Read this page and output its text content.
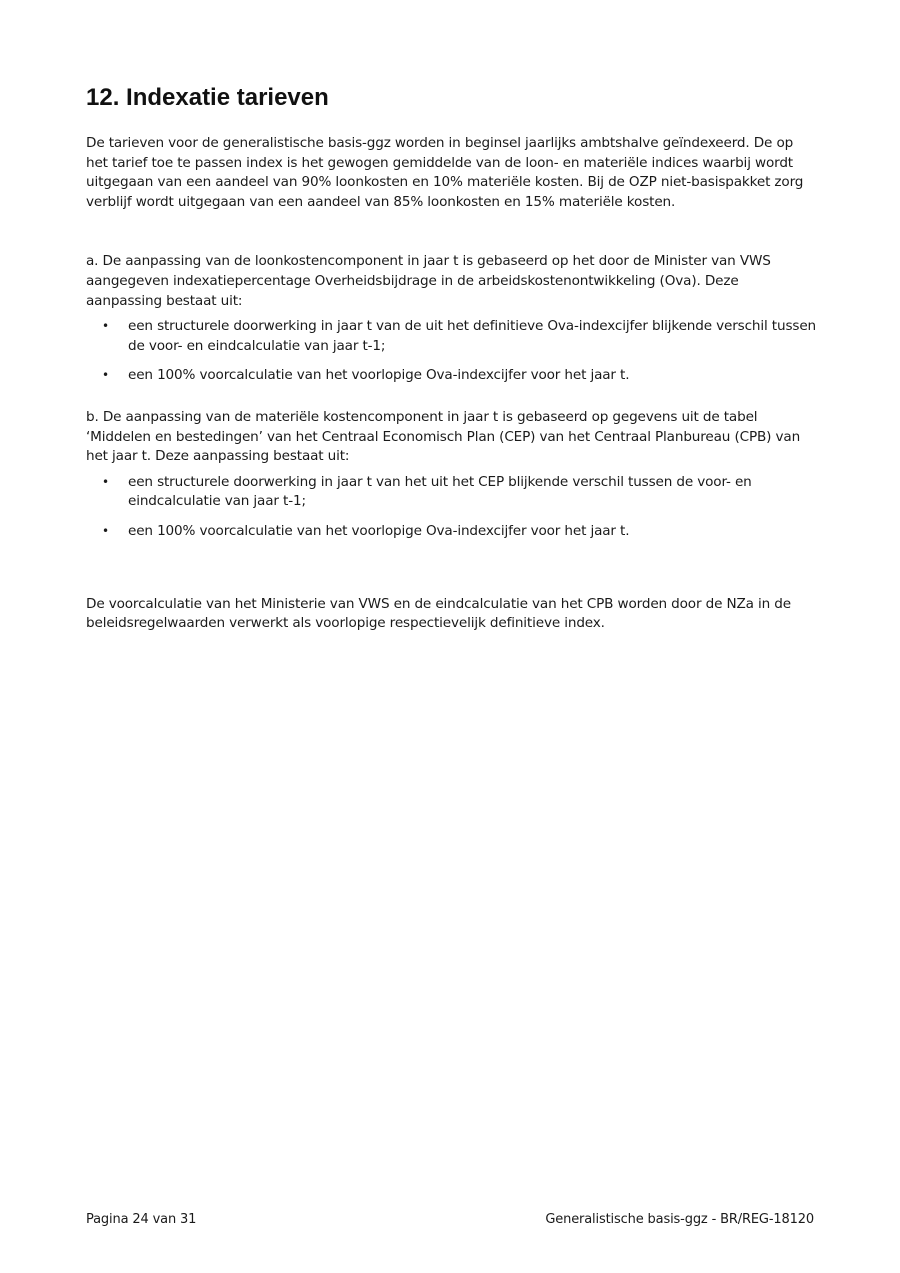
12. Indexatie tarieven

De tarieven voor de generalistische basis-ggz worden in beginsel jaarlijks ambtshalve geïndexeerd. De op het tarief toe te passen index is het gewogen gemiddelde van de loon- en materiële indices waarbij wordt uitgegaan van een aandeel van 90% loonkosten en 10% materiële kosten. Bij de OZP niet-basispakket zorg verblijf wordt uitgegaan van een aandeel van 85% loonkosten en 15% materiële kosten.

a. De aanpassing van de loonkostencomponent in jaar t is gebaseerd op het door de Minister van VWS aangegeven indexatiepercentage Overheidsbijdrage in de arbeidskostenontwikkeling (Ova). Deze aanpassing bestaat uit:

• een structurele doorwerking in jaar t van de uit het definitieve Ova-indexcijfer blijkende verschil tussen de voor- en eindcalculatie van jaar t-1;
• een 100% voorcalculatie van het voorlopige Ova-indexcijfer voor het jaar t.

b. De aanpassing van de materiële kostencomponent in jaar t is gebaseerd op gegevens uit de tabel ‘Middelen en bestedingen’ van het Centraal Economisch Plan (CEP) van het Centraal Planbureau (CPB) van het jaar t. Deze aanpassing bestaat uit:

• een structurele doorwerking in jaar t van het uit het CEP blijkende verschil tussen de voor- en eindcalculatie van jaar t-1;
• een 100% voorcalculatie van het voorlopige Ova-indexcijfer voor het jaar t.

De voorcalculatie van het Ministerie van VWS en de eindcalculatie van het CPB worden door de NZa in de beleidsregelwaarden verwerkt als voorlopige respectievelijk definitieve index.

Pagina 24 van 31	Generalistische basis-ggz - BR/REG-18120
